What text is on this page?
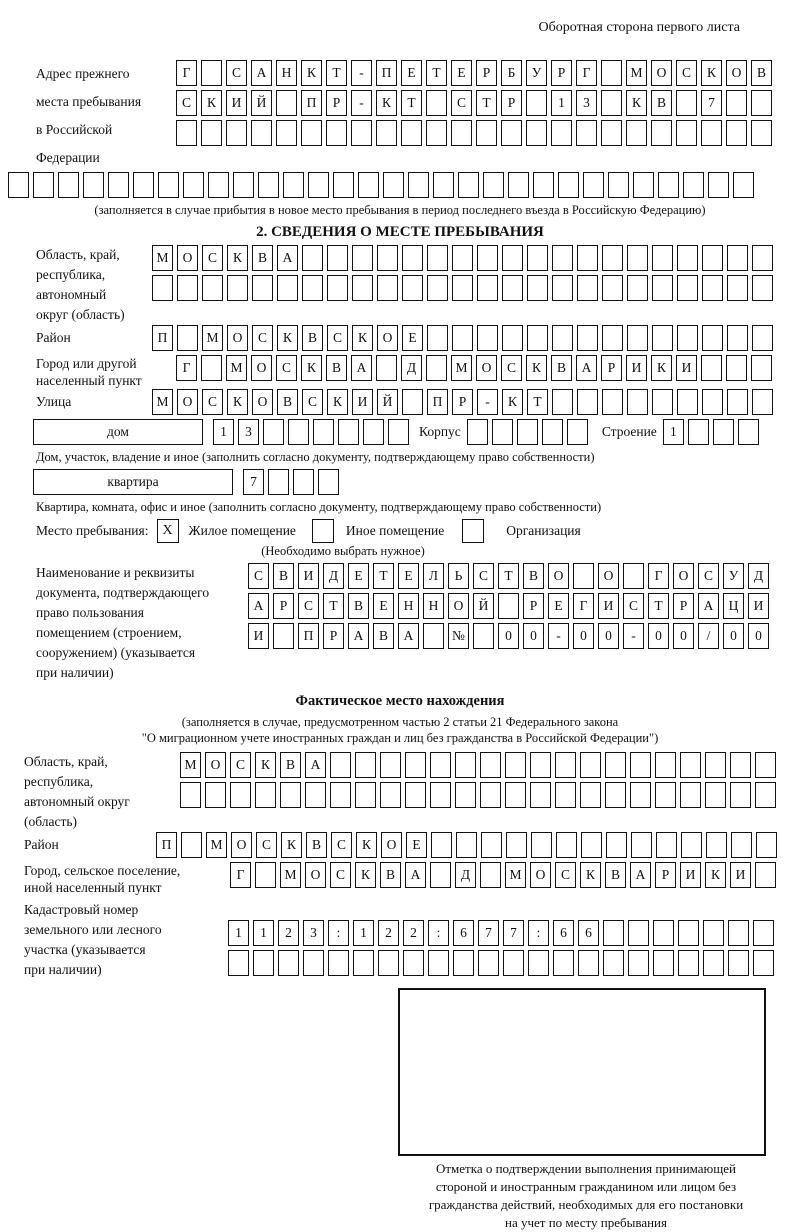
Оборотная сторона первого листа
Адрес прежнего
места пребывания
в Российской
Федерации
Г	С	А	Н	К	Т	-	П	Е	Т	Е	Р	Б	У	Р	Г	М	О	С	К	О	В
С	К	И	Й	П	Р	-	К	Т	С	Т	Р	1	3	К	В	7
(заполняется в случае прибытия в новое место пребывания в период последнего въезда в Российскую Федерацию)
2. СВЕДЕНИЯ О МЕСТЕ ПРЕБЫВАНИЯ
Область, край,
республика,
автономный
округ (область)
М	О	С	К	В	А
Район	П	М	О	С	К	В	С	К	О	Е
Город или другой
населенный пункт
Г	М	О	С	К	В	А	Д	М	О	С	К	В	А	Р	И	К	И
Улица	М	О	С	К	О	В	С	К	И	Й	П	Р	-	К	Т
дом	1	3	Корпус	Строение 1
Дом, участок, владение и иное (заполнить согласно документу, подтверждающему право собственности)
квартира	7
Квартира, комната, офис и иное (заполнить согласно документу, подтверждающему право собственности)
Место пребывания: X	Жилое помещение	Иное помещение	Организация
(Необходимо выбрать нужное)
Наименование и реквизиты
документа, подтверждающего
право пользования
помещением (строением,
сооружением) (указывается
при наличии)
С	В	И	Д	Е	Т	Е	Л	Ь	С	Т	В	О	О	Г	О	С	У	Д
А	Р	С	Т	В	Е	Н	Н	О	Й	Р	Е	Г	И	С	Т	Р	А	Ц	И
И	П	Р	А	В	А	№	0	0	-	0	0	-	0	0	/	0	0
Фактическое место нахождения
(заполняется в случае, предусмотренном частью 2 статьи 21 Федерального закона
"О миграционном учете иностранных граждан и лиц без гражданства в Российской Федерации")
Область, край,
республика,
автономный округ
(область)
М	О	С	К	В	А
Район	П	М	О	С	К	В	С	К	О	Е
Город, сельское поселение,
иной населенный пункт
Г	М	О	С	К	В	А	Д	М	О	С	К	В	А	Р	И	К	И
Кадастровый номер
земельного или лесного
участка (указывается
при наличии)
1	1	2	3	:	1	2	2	:	6	7	7	:	6	6
Отметка о подтверждении выполнения принимающей
стороной и иностранным гражданином или лицом без
гражданства действий, необходимых для его постановки
на учет по месту пребывания
